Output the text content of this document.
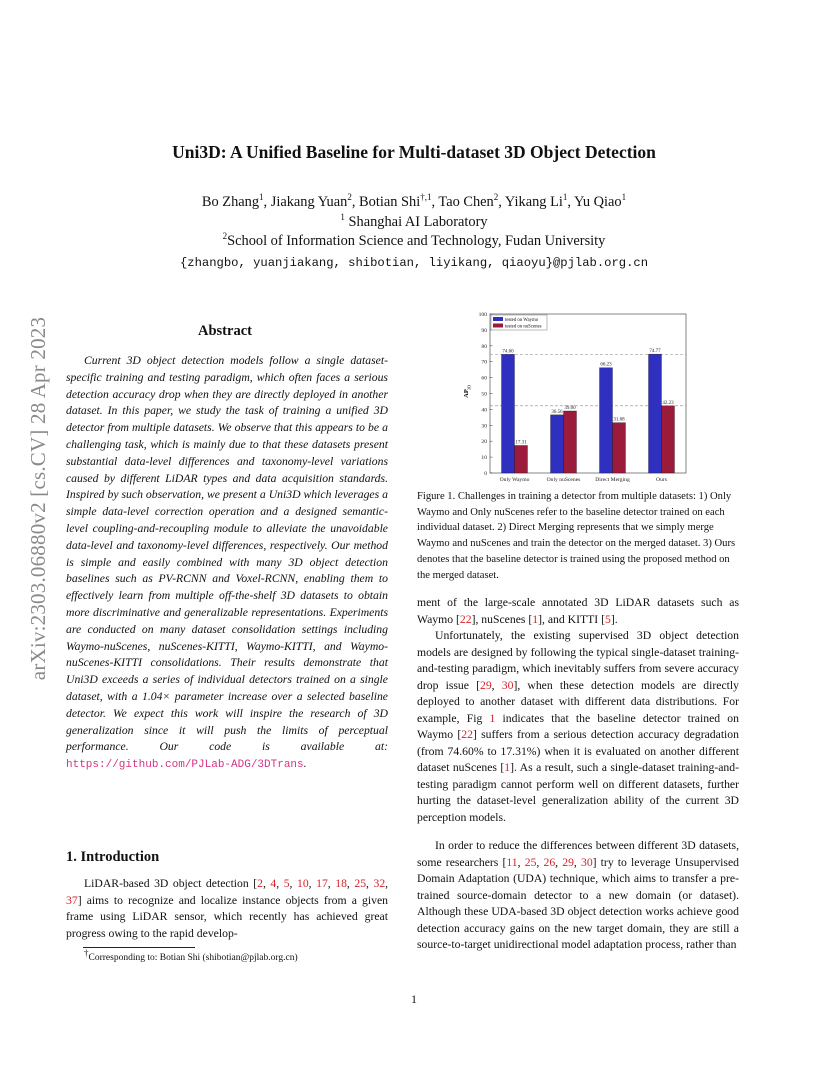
arXiv:2303.06880v2 [cs.CV] 28 Apr 2023
Uni3D: A Unified Baseline for Multi-dataset 3D Object Detection
Bo Zhang$^1$, Jiakang Yuan$^2$, Botian Shi$^{\dagger,1}$, Tao Chen$^2$, Yikang Li$^1$, Yu Qiao$^1$
$^1$ Shanghai AI Laboratory
$^2$School of Information Science and Technology, Fudan University
{zhangbo, yuanjiakang, shibotian, liyikang, qiaoyu}@pjlab.org.cn
Abstract
Current 3D object detection models follow a single dataset-specific training and testing paradigm, which often faces a serious detection accuracy drop when they are directly deployed in another dataset. In this paper, we study the task of training a unified 3D detector from multiple datasets. We observe that this appears to be a challenging task, which is mainly due to that these datasets present substantial data-level differences and taxonomy-level variations caused by different LiDAR types and data acquisition standards. Inspired by such observation, we present a Uni3D which leverages a simple data-level correction operation and a designed semantic-level coupling-and-recoupling module to alleviate the unavoidable data-level and taxonomy-level differences, respectively. Our method is simple and easily combined with many 3D object detection baselines such as PV-RCNN and Voxel-RCNN, enabling them to effectively learn from multiple off-the-shelf 3D datasets to obtain more discriminative and generalizable representations. Experiments are conducted on many dataset consolidation settings including Waymo-nuScenes, nuScenes-KITTI, Waymo-KITTI, and Waymo-nuScenes-KITTI consolidations. Their results demonstrate that Uni3D exceeds a series of individual detectors trained on a single dataset, with a 1.04× parameter increase over a selected baseline detector. We expect this work will inspire the research of 3D generalization since it will push the limits of perceptual performance. Our code is available at: https://github.com/PJLab-ADG/3DTrans.
1. Introduction
LiDAR-based 3D object detection [2, 4, 5, 10, 17, 18, 25, 32, 37] aims to recognize and localize instance objects from a given frame using LiDAR sensor, which recently has achieved great progress owing to the rapid develop-
†Corresponding to: Botian Shi (shibotian@pjlab.org.cn)
1
0
10
20
30
40
50
60
70
80
90
100
AP
3D
74.60
17.31
Only Waymo
36.56
39.00
Only nuScenes
66.23
31.68
Direct Merging
74.77
42.23
Ours
tested on Waymo
tested on nuScenes
Figure 1. Challenges in training a detector from multiple datasets: 1) Only Waymo and Only nuScenes refer to the baseline detector trained on each individual dataset. 2) Direct Merging represents that we simply merge Waymo and nuScenes and train the detector on the merged dataset. 3) Ours denotes that the baseline detector is trained using the proposed method on the merged dataset.
ment of the large-scale annotated 3D LiDAR datasets such as Waymo [22], nuScenes [1], and KITTI [5].
Unfortunately, the existing supervised 3D object detection models are designed by following the typical single-dataset training-and-testing paradigm, which inevitably suffers from severe accuracy drop issue [29, 30], when these detection models are directly deployed to another dataset with different data distributions. For example, Fig 1 indicates that the baseline detector trained on Waymo [22] suffers from a serious detection accuracy degradation (from 74.60% to 17.31%) when it is evaluated on another different dataset nuScenes [1]. As a result, such a single-dataset training-and-testing paradigm cannot perform well on different datasets, further hurting the dataset-level generalization ability of the current 3D perception models.
In order to reduce the differences between different 3D datasets, some researchers [11, 25, 26, 29, 30] try to leverage Unsupervised Domain Adaptation (UDA) technique, which aims to transfer a pre-trained source-domain detector to a new domain (or dataset). Although these UDA-based 3D object detection works achieve good detection accuracy gains on the new target domain, they are still a source-to-target unidirectional model adaptation process, rather than
